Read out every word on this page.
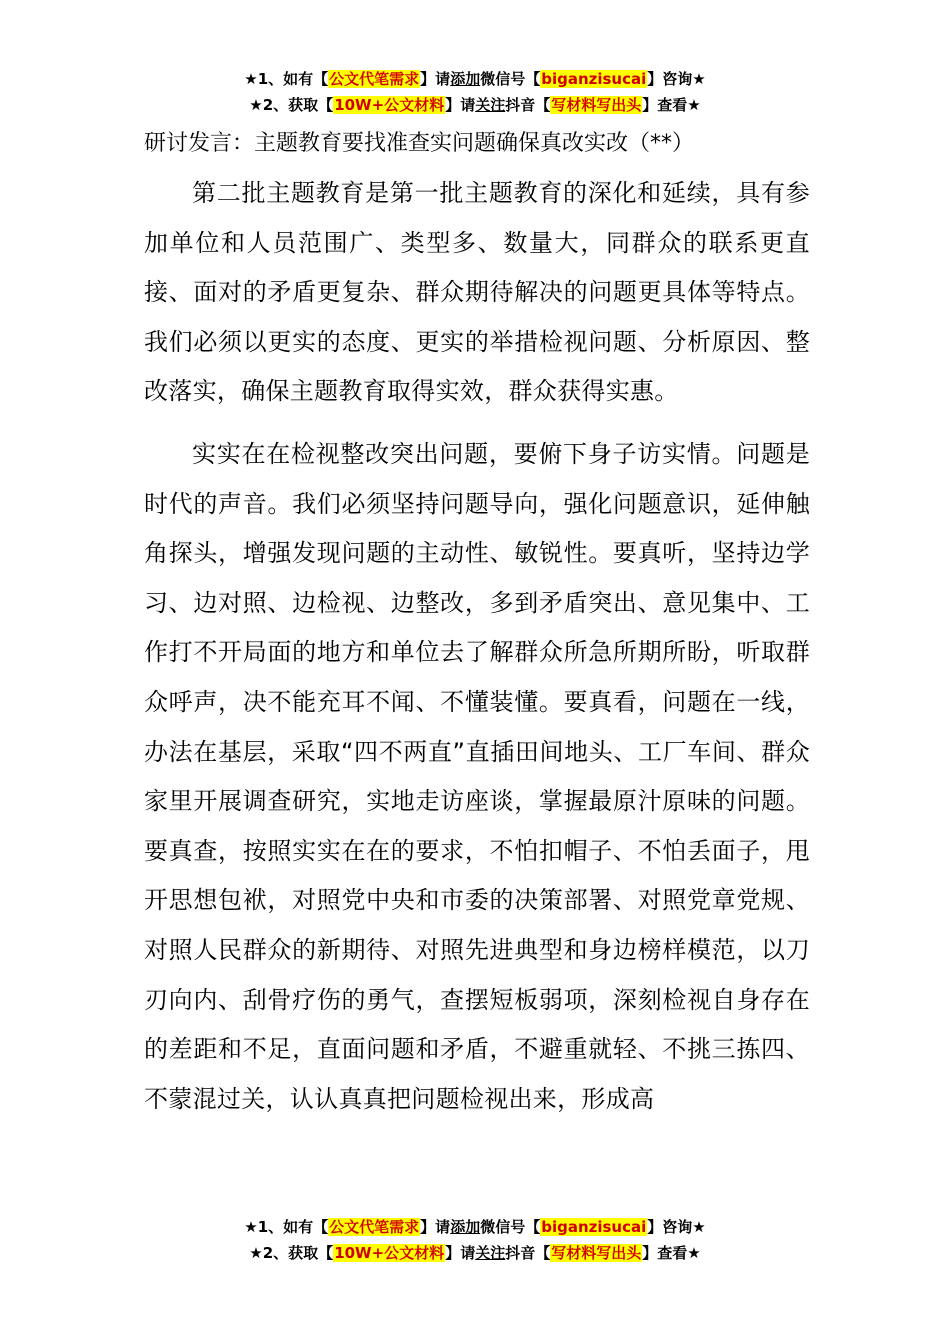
★1、如有【公文代笔需求】请添加微信号【biganzisucai】咨询★
★2、获取【10W+公文材料】请关注抖音【写材料写出头】查看★

研讨发言：主题教育要找准查实问题确保真改实改（**）

第二批主题教育是第一批主题教育的深化和延续，具有参加单位和人员范围广、类型多、数量大，同群众的联系更直接、面对的矛盾更复杂、群众期待解决的问题更具体等特点。我们必须以更实的态度、更实的举措检视问题、分析原因、整改落实，确保主题教育取得实效，群众获得实惠。

实实在在检视整改突出问题，要俯下身子访实情。问题是时代的声音。我们必须坚持问题导向，强化问题意识，延伸触角探头，增强发现问题的主动性、敏锐性。要真听，坚持边学习、边对照、边检视、边整改，多到矛盾突出、意见集中、工作打不开局面的地方和单位去了解群众所急所期所盼，听取群众呼声，决不能充耳不闻、不懂装懂。要真看，问题在一线，办法在基层，采取“四不两直”直插田间地头、工厂车间、群众家里开展调查研究，实地走访座谈，掌握最原汁原味的问题。要真查，按照实实在在的要求，不怕扣帽子、不怕丢面子，甩开思想包袱，对照党中央和市委的决策部署、对照党章党规、对照人民群众的新期待、对照先进典型和身边榜样模范，以刀刃向内、刮骨疗伤的勇气，查摆短板弱项，深刻检视自身存在的差距和不足，直面问题和矛盾，不避重就轻、不挑三拣四、不蒙混过关，认认真真把问题检视出来，形成高

★1、如有【公文代笔需求】请添加微信号【biganzisucai】咨询★
★2、获取【10W+公文材料】请关注抖音【写材料写出头】查看★
